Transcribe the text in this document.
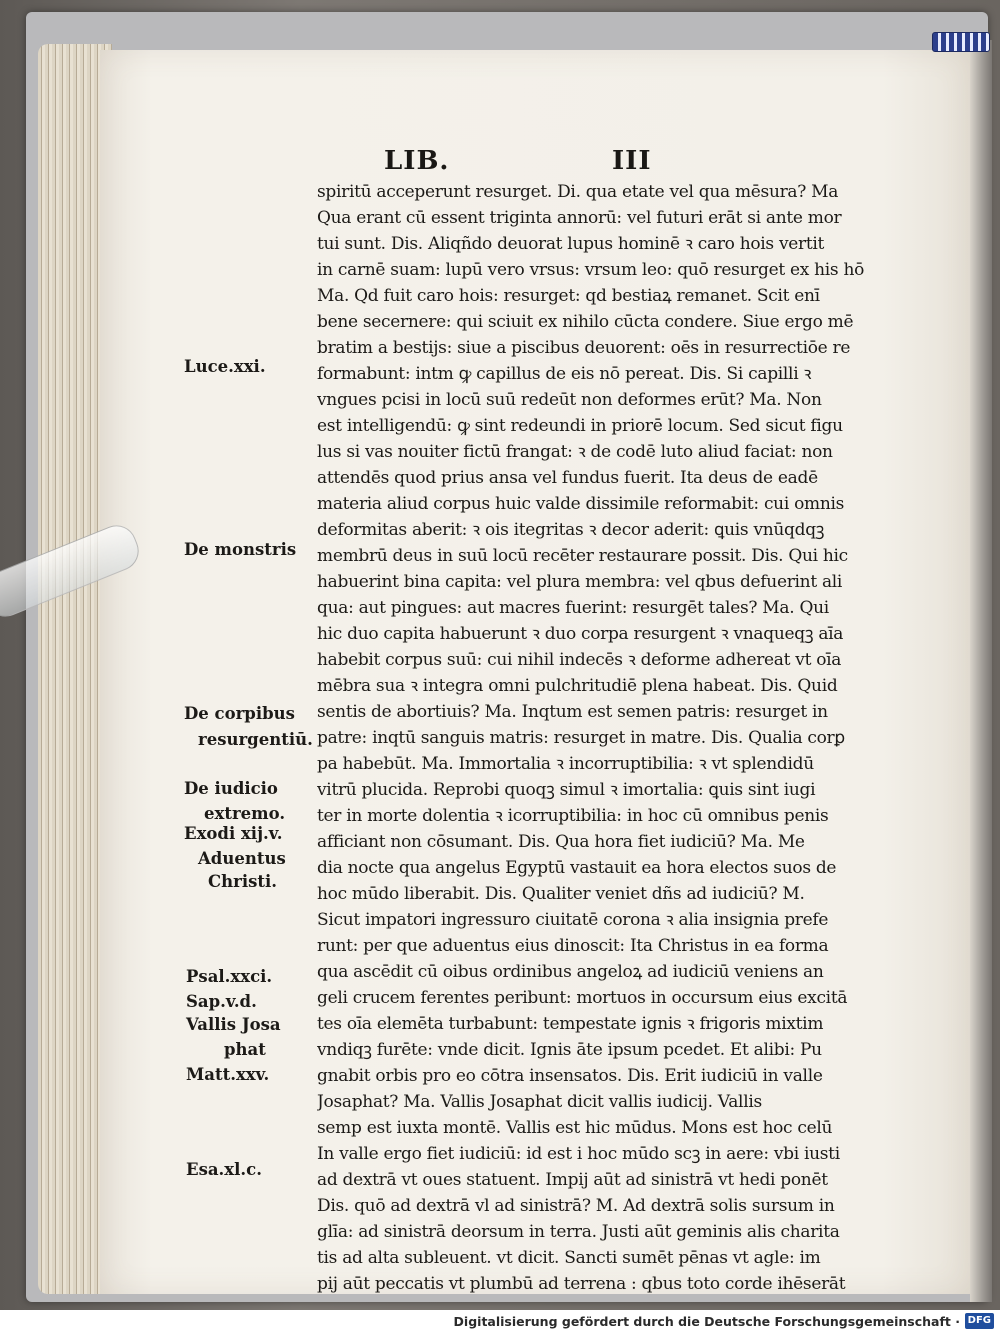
LIB.	III
Luce.xxi.
De monstris
De corpibus
resurgentiū.
De iudicio
extremo.
Exodi xij.v.
Aduentus
Christi.
Psal.xxci.
Sap.v.d.
Vallis Josa
phat
Matt.xxv.
Esa.xl.c.
spiritū acceperunt resurget. Di. qua etate vel qua mēsura? Ma
Qua erant cū essent triginta annorū: vel futuri erāt si ante mor
tui sunt. Dis. Aliqñdo deuorat lupus hominē ꝛ caro hois vertit
in carnē suam: lupū vero vrsus: vrsum leo: quō resurget ex his hō
Ma. Qd fuit caro hois: resurget: qd bestiaꝝ remanet. Scit enī
bene secernere: qui sciuit ex nihilo cūcta condere. Siue ergo mē
bratim a bestijs: siue a piscibus deuorent: oēs in resurrectiōe re
formabunt: intm ꝙ capillus de eis nō pereat. Dis. Si capilli ꝛ
vngues pcisi in locū suū redeūt non deformes erūt? Ma. Non
est intelligendū: ꝙ sint redeundi in priorē locum. Sed sicut figu
lus si vas nouiter fictū frangat: ꝛ de codē luto aliud faciat: non
attendēs quod prius ansa vel fundus fuerit. Ita deus de eadē
materia aliud corpus huic valde dissimile reformabit: cui omnis
deformitas aberit: ꝛ ois itegritas ꝛ decor aderit: ꝗuis vnūqdqꝫ
membrū deus in suū locū recēter restaurare possit. Dis. Qui hic
habuerint bina capita: vel plura membra: vel qbus defuerint ali
qua: aut pingues: aut macres fuerint: resurgēt tales? Ma. Qui
hic duo capita habuerunt ꝛ duo corpa resurgent ꝛ vnaqueqꝫ aīa
habebit corpus suū: cui nihil indecēs ꝛ deforme adhereat vt oīa
mēbra sua ꝛ integra omni pulchritudiē plena habeat. Dis. Quid
sentis de abortiuis? Ma. Inqtum est semen patris: resurget in
patre: inqtū sanguis matris: resurget in matre. Dis. Qualia corꝑ
pa habebūt. Ma. Immortalia ꝛ incorruptibilia: ꝛ vt splendidū
vitrū plucida. Reprobi quoqꝫ simul ꝛ imortalia: ꝗuis sint iugi
ter in morte dolentia ꝛ icorruptibilia: in hoc cū omnibus penis
afficiant non cōsumant. Dis. Qua hora fiet iudiciū? Ma. Me
dia nocte qua angelus Egyptū vastauit ea hora electos suos de
hoc mūdo liberabit. Dis. Qualiter veniet dñs ad iudiciū? M.
Sicut impatori ingressuro ciuitatē corona ꝛ alia insignia prefe
runt: per que aduentus eius dinoscit: Ita Christus in ea forma
qua ascēdit cū oibus ordinibus angeloꝝ ad iudiciū veniens an
geli crucem ferentes peribunt: mortuos in occursum eius excitā
tes oīa elemēta turbabunt: tempestate ignis ꝛ frigoris mixtim
vndiqꝫ furēte: vnde dicit. Ignis āte ipsum pcedet. Et alibi: Pu
gnabit orbis pro eo cōtra insensatos. Dis. Erit iudiciū in valle
Josaphat? Ma. Vallis Josaphat dicit vallis iudicij. Vallis
semp est iuxta montē. Vallis est hic mūdus. Mons est hoc celū
In valle ergo fiet iudiciū: id est i hoc mūdo scꝫ in aere: vbi iusti
ad dextrā vt oues statuent. Impij aūt ad sinistrā vt hedi ponēt
Dis. quō ad dextrā vl ad sinistrā? M. Ad dextrā solis sursum in
glīa: ad sinistrā deorsum in terra. Justi aūt geminis alis charita
tis ad alta subleuent. vt dicit. Sancti sumēt pēnas vt agle: im
pij aūt peccatis vt plumbū ad terrena : qbus toto corde ihēserāt
Digitalisierung gefördert durch die Deutsche Forschungsgemeinschaft · DFG
